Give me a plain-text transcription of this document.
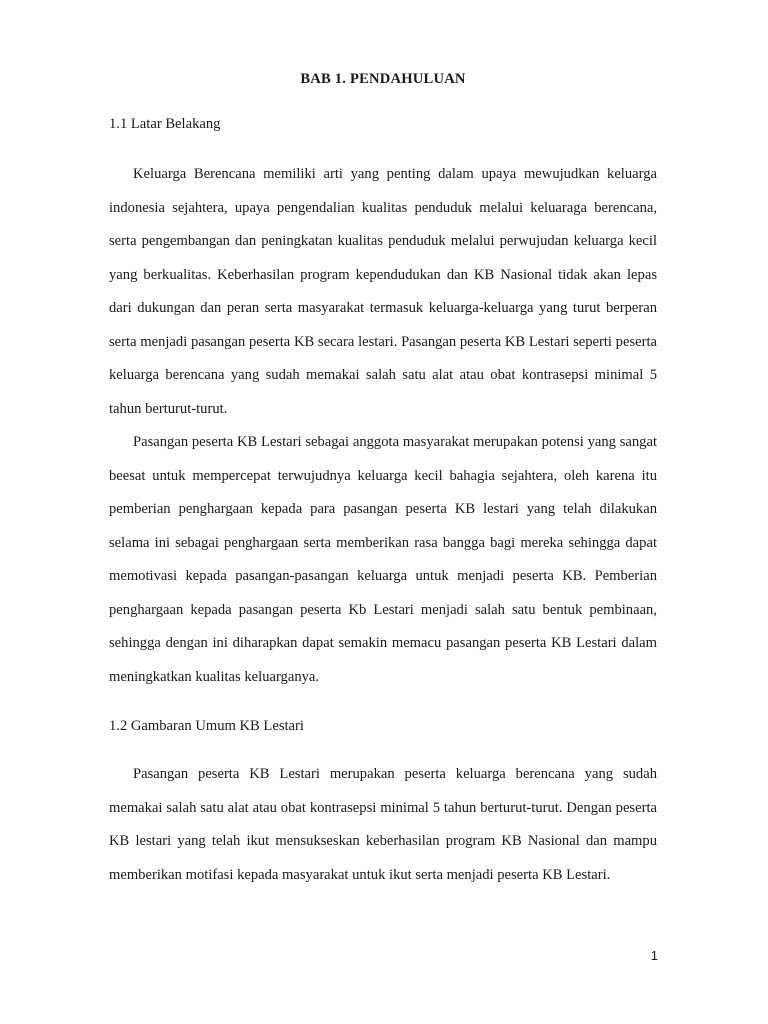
BAB 1. PENDAHULUAN
1.1 Latar Belakang

Keluarga Berencana memiliki arti yang penting dalam upaya mewujudkan keluarga indonesia sejahtera, upaya pengendalian kualitas penduduk melalui keluaraga berencana, serta pengembangan dan peningkatan kualitas penduduk melalui perwujudan keluarga kecil yang berkualitas. Keberhasilan program kependudukan dan KB Nasional tidak akan lepas dari dukungan dan peran serta masyarakat termasuk keluarga-keluarga yang turut berperan serta menjadi pasangan peserta KB secara lestari. Pasangan peserta KB Lestari seperti peserta keluarga berencana yang sudah memakai salah satu alat atau obat kontrasepsi minimal 5 tahun berturut-turut.

Pasangan peserta KB Lestari sebagai anggota masyarakat merupakan potensi yang sangat beesat untuk mempercepat terwujudnya keluarga kecil bahagia sejahtera, oleh karena itu pemberian penghargaan kepada para pasangan peserta KB lestari yang telah dilakukan selama ini sebagai penghargaan serta memberikan rasa bangga bagi mereka sehingga dapat memotivasi kepada pasangan-pasangan keluarga untuk menjadi peserta KB. Pemberian penghargaan kepada pasangan peserta Kb Lestari menjadi salah satu bentuk pembinaan, sehingga dengan ini diharapkan dapat semakin memacu pasangan peserta KB Lestari dalam meningkatkan kualitas keluarganya.

1.2 Gambaran Umum KB Lestari

Pasangan peserta KB Lestari merupakan peserta keluarga berencana yang sudah memakai salah satu alat atau obat kontrasepsi minimal 5 tahun berturut-turut. Dengan peserta KB lestari yang telah ikut mensukseskan keberhasilan program KB Nasional dan mampu memberikan motifasi kepada masyarakat untuk ikut serta menjadi peserta KB Lestari.

1
